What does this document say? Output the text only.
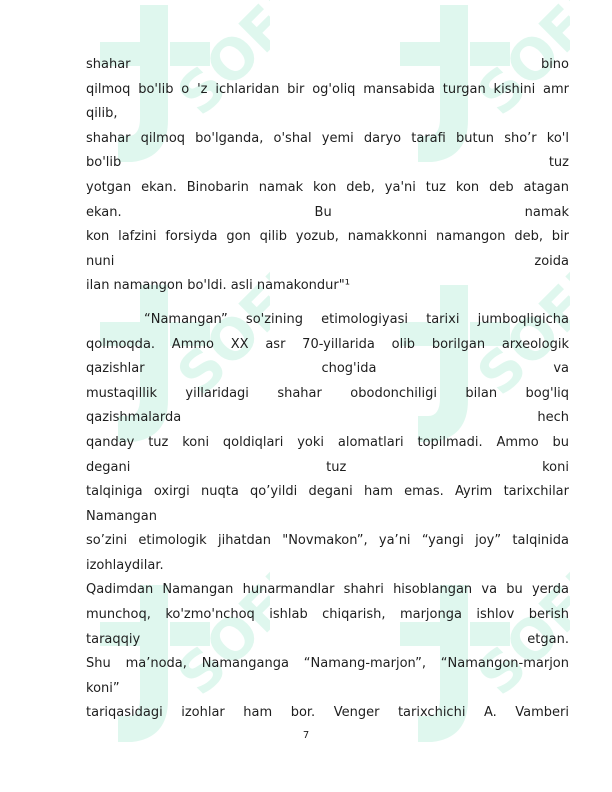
shahar bino
qilmoq bo'lib o 'z ichlaridan bir og'oliq mansabida turgan kishini amr
qilib,
shahar qilmoq bo'lganda, o'shal yemi daryo tarafi butun sho’r ko'l
bo'lib tuz
yotgan ekan. Binobarin namak kon deb, ya'ni tuz kon deb atagan
ekan. Bu namak
kon lafzini forsiyda gon qilib yozub, namakkonni namangon deb, bir
nuni zoida
ilan namangon bo'ldi. asli namakondur"¹
“Namangan” so'zining etimologiyasi tarixi jumboqligicha
qolmoqda. Ammo XX asr 70-yillarida olib borilgan arxeologik
qazishlar chog'ida va
mustaqillik yillaridagi shahar obodonchiligi bilan bog'liq
qazishmalarda hech
qanday tuz koni qoldiqlari yoki alomatlari topilmadi. Ammo bu
degani tuz koni
talqiniga oxirgi nuqta qo’yildi degani ham emas. Ayrim tarixchilar
Namangan
so’zini etimologik jihatdan "Novmakon”, ya’ni “yangi joy” talqinida
izohlaydilar.
Qadimdan Namangan hunarmandlar shahri hisoblangan va bu yerda
munchoq, ko'zmo'nchoq ishlab chiqarish, marjonga ishlov berish
taraqqiy etgan.
Shu ma’noda, Namanganga “Namang-marjon”, “Namangon-marjon
koni”
tariqasidagi izohlar ham bor. Venger tarixchichi A. Vamberi
7
